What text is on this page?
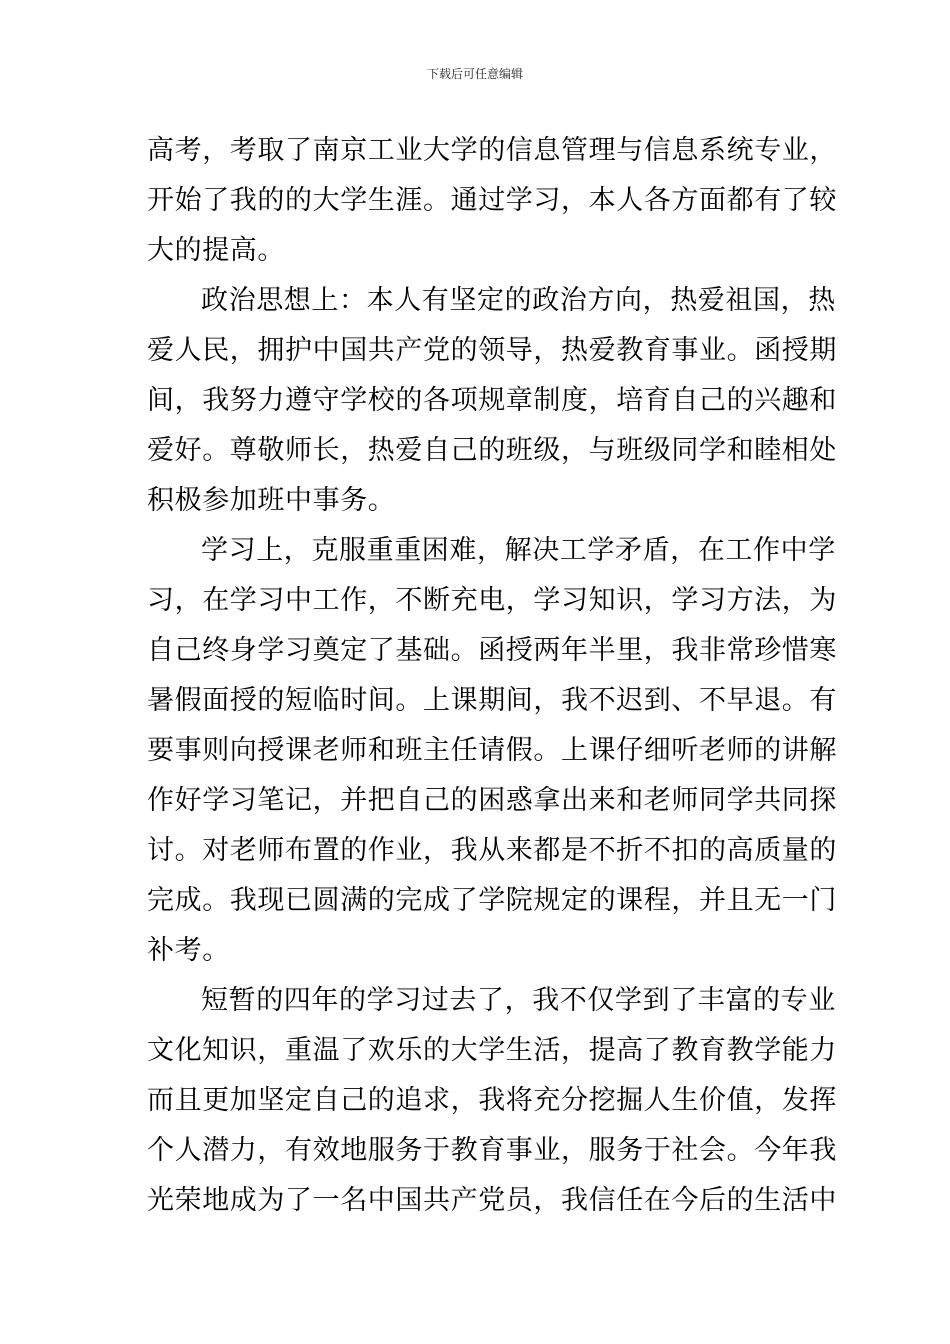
下载后可任意编辑
高考，考取了南京工业大学的信息管理与信息系统专业，
开始了我的的大学生涯。通过学习，本人各方面都有了较
大的提高。
政治思想上：本人有坚定的政治方向，热爱祖国，热
爱人民，拥护中国共产党的领导，热爱教育事业。函授期
间，我努力遵守学校的各项规章制度，培育自己的兴趣和
爱好。尊敬师长，热爱自己的班级，与班级同学和睦相处
积极参加班中事务。
学习上，克服重重困难，解决工学矛盾，在工作中学
习，在学习中工作，不断充电，学习知识，学习方法，为
自己终身学习奠定了基础。函授两年半里，我非常珍惜寒
暑假面授的短临时间。上课期间，我不迟到、不早退。有
要事则向授课老师和班主任请假。上课仔细听老师的讲解
作好学习笔记，并把自己的困惑拿出来和老师同学共同探
讨。对老师布置的作业，我从来都是不折不扣的高质量的
完成。我现已圆满的完成了学院规定的课程，并且无一门
补考。
短暂的四年的学习过去了，我不仅学到了丰富的专业
文化知识，重温了欢乐的大学生活，提高了教育教学能力
而且更加坚定自己的追求，我将充分挖掘人生价值，发挥
个人潜力，有效地服务于教育事业，服务于社会。今年我
光荣地成为了一名中国共产党员，我信任在今后的生活中
